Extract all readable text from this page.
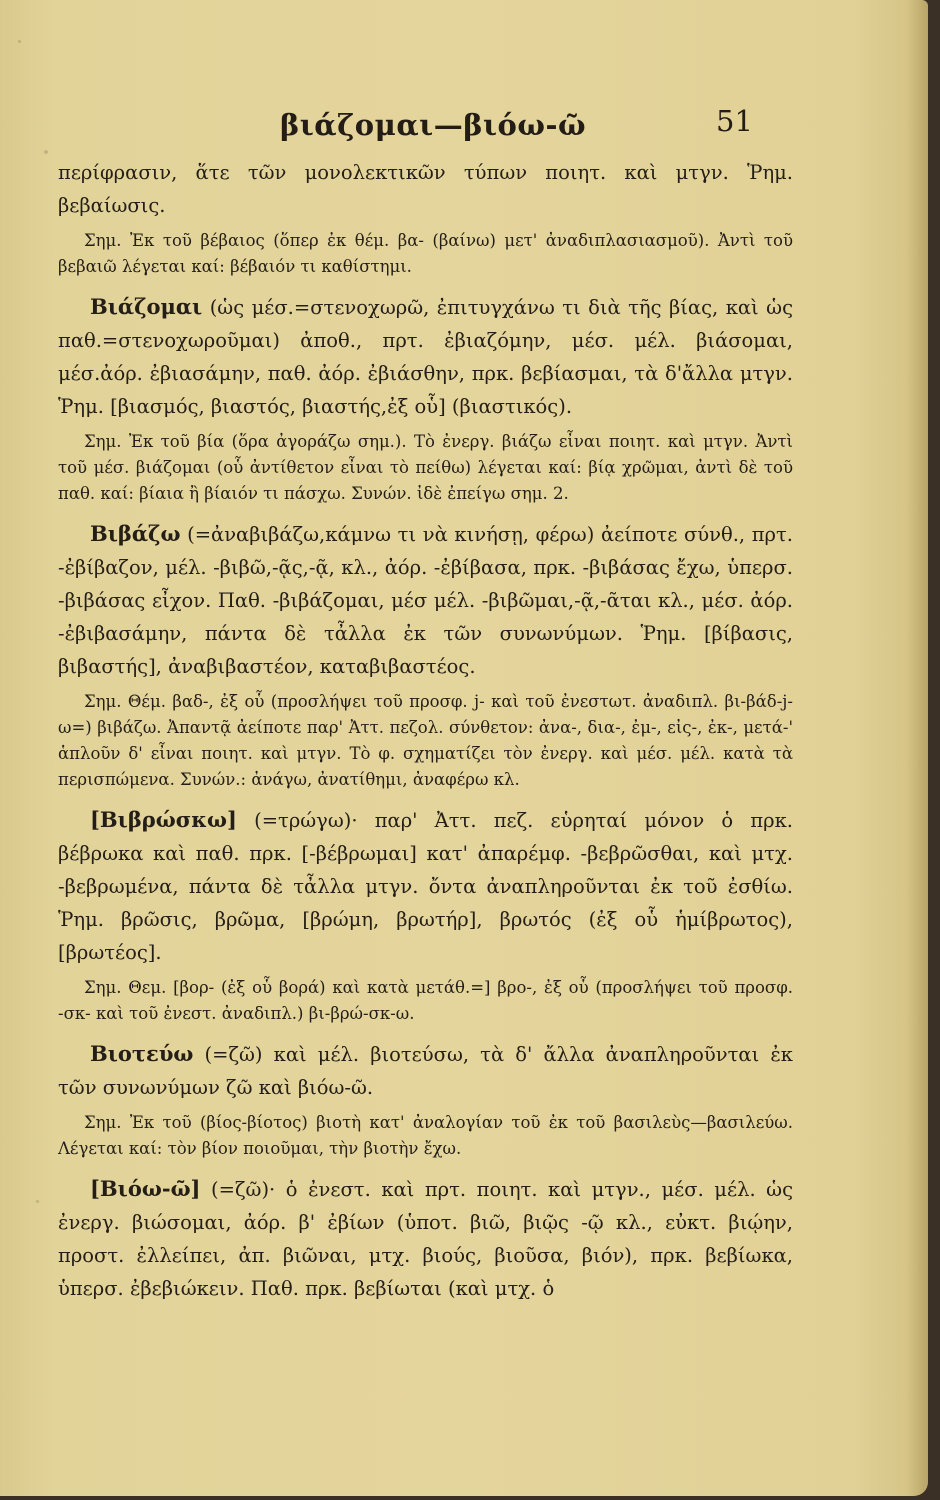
βιάζομαι—βιόω-ῶ	51

περίφρασιν, ἅτε τῶν μονολεκτικῶν τύπων ποιητ. καὶ μτγν. Ῥημ. βεβαίωσις.

Σημ. Ἐκ τοῦ βέβαιος (ὅπερ ἐκ θέμ. βα- (βαίνω) μετ' ἀναδιπλασιασμοῦ). Ἀντὶ τοῦ βεβαιῶ λέγεται καί: βέβαιόν τι καθίστημι.

Βιάζομαι (ὡς μέσ.=στενοχωρῶ, ἐπιτυγχάνω τι διὰ τῆς βίας, καὶ ὡς παθ.=στενοχωροῦμαι) ἀποθ., πρτ. ἐβιαζόμην, μέσ. μέλ. βιάσομαι, μέσ.ἀόρ. ἐβιασάμην, παθ. ἀόρ. ἐβιάσθην, πρκ. βεβίασμαι, τὰ δ'ἄλλα μτγν. Ῥημ. [βιασμός, βιαστός, βιαστής,ἐξ οὗ] (βιαστικός).

Σημ. Ἐκ τοῦ βία (ὅρα ἀγοράζω σημ.). Τὸ ἐνεργ. βιάζω εἶναι ποιητ. καὶ μτγν. Ἀντὶ τοῦ μέσ. βιάζομαι (οὗ ἀντίθετον εἶναι τὸ πείθω) λέγεται καί: βίᾳ χρῶμαι, ἀντὶ δὲ τοῦ παθ. καί: βίαια ἢ βίαιόν τι πάσχω. Συνών. ἰδὲ ἐπείγω σημ. 2.

Βιβάζω (=ἀναβιβάζω,κάμνω τι νὰ κινήσῃ, φέρω) ἀείποτε σύνθ., πρτ. -ἐβίβαζον, μέλ. -βιβῶ,-ᾷς,-ᾷ, κλ., ἀόρ. -ἐβίβασα, πρκ. -βιβάσας ἔχω, ὑπερσ. -βιβάσας εἶχον. Παθ. -βιβάζομαι, μέσ μέλ. -βιβῶμαι,-ᾷ,-ᾶται κλ., μέσ. ἀόρ. -ἐβιβασάμην, πάντα δὲ τἆλλα ἐκ τῶν συνωνύμων. Ῥημ. [βίβασις, βιβαστής], ἀναβιβαστέον, καταβιβαστέος.

Σημ. Θέμ. βαδ-, ἐξ οὗ (προσλήψει τοῦ προσφ. j- καὶ τοῦ ἐνεστωτ. ἀναδιπλ. βι-βάδ-j-ω=) βιβάζω. Ἀπαντᾷ ἀείποτε παρ' Ἀττ. πεζολ. σύνθετον: ἀνα-, δια-, ἐμ-, εἰς-, ἐκ-, μετά-' ἁπλοῦν δ' εἶναι ποιητ. καὶ μτγν. Τὸ φ. σχηματίζει τὸν ἐνεργ. καὶ μέσ. μέλ. κατὰ τὰ περισπώμενα. Συνών.: ἀνάγω, ἀνατίθημι, ἀναφέρω κλ.

[Βιβρώσκω] (=τρώγω)· παρ' Ἀττ. πεζ. εὑρηταί μόνον ὁ πρκ. βέβρωκα καὶ παθ. πρκ. [-βέβρωμαι] κατ' ἀπαρέμφ. -βεβρῶσθαι, καὶ μτχ. -βεβρωμένα, πάντα δὲ τἆλλα μτγν. ὄντα ἀναπληροῦνται ἐκ τοῦ ἐσθίω. Ῥημ. βρῶσις, βρῶμα, [βρώμη, βρωτήρ], βρωτός (ἐξ οὗ ἡμίβρωτος), [βρωτέος].

Σημ. Θεμ. [βορ- (ἐξ οὗ βορά) καὶ κατὰ μετάθ.=] βρο-, ἐξ οὗ (προσλήψει τοῦ προσφ. -σκ- καὶ τοῦ ἐνεστ. ἀναδιπλ.) βι-βρώ-σκ-ω.

Βιοτεύω (=ζῶ) καὶ μέλ. βιοτεύσω, τὰ δ' ἄλλα ἀναπληροῦνται ἐκ τῶν συνωνύμων ζῶ καὶ βιόω-ῶ.

Σημ. Ἐκ τοῦ (βίος-βίοτος) βιοτὴ κατ' ἀναλογίαν τοῦ ἐκ τοῦ βασιλεὺς—βασιλεύω. Λέγεται καί: τὸν βίον ποιοῦμαι, τὴν βιοτὴν ἔχω.

[Βιόω-ῶ] (=ζῶ)· ὁ ἐνεστ. καὶ πρτ. ποιητ. καὶ μτγν., μέσ. μέλ. ὡς ἐνεργ. βιώσομαι, ἀόρ. β' ἐβίων (ὑποτ. βιῶ, βιῷς -ῷ κλ., εὐκτ. βιῴην, προστ. ἐλλείπει, ἀπ. βιῶναι, μτχ. βιούς, βιοῦσα, βιόν), πρκ. βεβίωκα, ὑπερσ. ἐβεβιώκειν. Παθ. πρκ. βεβίωται (καὶ μτχ. ὁ
